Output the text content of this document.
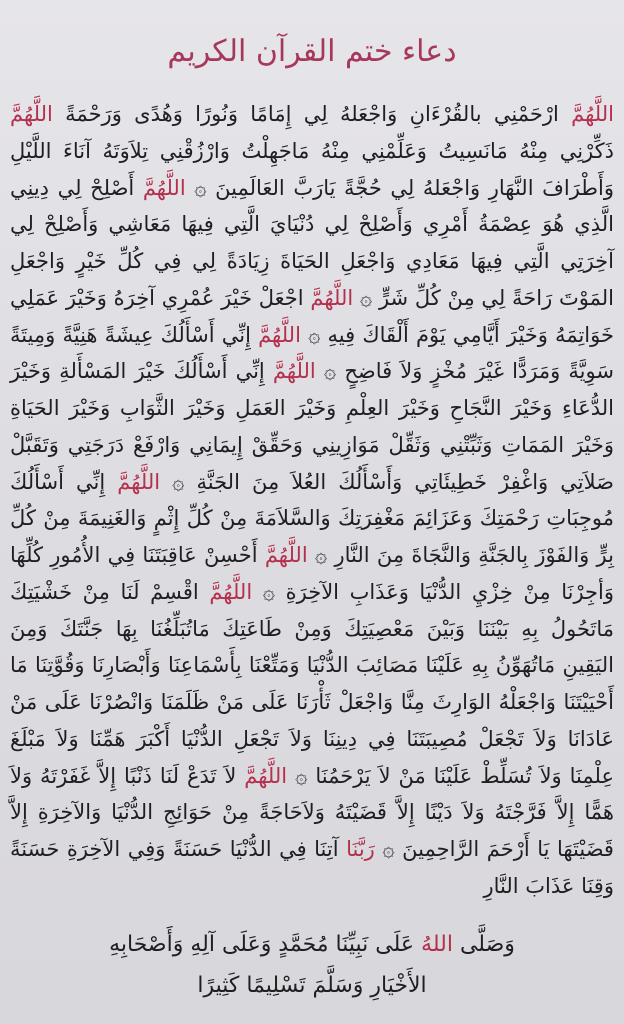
دعاء ختم القرآن الكريم
اللَّهُمَّ ارْحَمْنِي بالقُرْءَانِ وَاجْعَلهُ لِي إِمَامًا وَنُورًا وَهُدًى وَرَحْمَةً اللَّهُمَّ ذَكِّرْنِي مِنْهُ مَانَسِيتُ وَعَلِّمْنِي مِنْهُ مَاجَهِلْتُ وَارْزُقْنِي تِلاَوَتَهُ آنَاءَ اللَّيْلِ وَأَطْرَافَ النَّهَارِ وَاجْعَلهُ لِي حُجَّةً يَارَبَّ العَالَمِينَ ۞ اللَّهُمَّ أَصْلِحْ لِي دِينِي الَّذِي هُوَ عِصْمَةُ أَمْرِي وَأَصْلِحْ لِي دُنْيَايَ الَّتِي فِيهَا مَعَاشِي وَأَصْلِحْ لِي آخِرَتِي الَّتِي فِيهَا مَعَادِي وَاجْعَلِ الحَيَاةَ زِيَادَةً لِي فِي كُلِّ خَيْرٍ وَاجْعَلِ المَوْتَ رَاحَةً لِي مِنْ كُلِّ شَرٍّ ۞ اللَّهُمَّ اجْعَلْ خَيْرَ عُمْرِي آخِرَهُ وَخَيْرَ عَمَلِي خَوَاتِمَهُ وَخَيْرَ أَيَّامِي يَوْمَ أَلْقَاكَ فِيهِ ۞ اللَّهُمَّ إِنِّي أَسْأَلُكَ عِيشَةً هَنِيَّةً وَمِيتَةً سَوِيَّةً وَمَرَدًّا غَيْرَ مُخْزٍ وَلاَ فَاضِحٍ ۞ اللَّهُمَّ إِنِّي أَسْأَلُكَ خَيْرَ المَسْأَلةِ وَخَيْرَ الدُّعَاءِ وَخَيْرَ النَّجَاحِ وَخَيْرَ العِلْمِ وَخَيْرَ العَمَلِ وَخَيْرَ الثَّوَابِ وَخَيْرَ الحَيَاةِ وَخَيْرَ المَمَاتِ وَثَبِّتْنِي وَثَقِّلْ مَوَازِينِي وَحَقِّقْ إِيمَانِي وَارْفَعْ دَرَجَتِي وَتَقَبَّلْ صَلاَتِي وَاغْفِرْ خَطِيئَاتِي وَأَسْأَلُكَ العُلاَ مِنَ الجَنَّةِ ۞ اللَّهُمَّ إِنِّي أَسْأَلُكَ مُوجِبَاتِ رَحْمَتِكَ وَعَزَائِمَ مَغْفِرَتِكَ وَالسَّلاَمَةَ مِنْ كُلِّ إِثْمٍ وَالغَنِيمَةَ مِنْ كُلِّ بِرٍّ وَالفَوْزَ بِالجَنَّةِ وَالنَّجَاةَ مِنَ النَّارِ ۞ اللَّهُمَّ أَحْسِنْ عَاقِبَتَنَا فِي الأُمُورِ كُلِّهَا وَأجِرْنَا مِنْ خِزْيِ الدُّنْيَا وَعَذَابِ الآخِرَةِ ۞ اللَّهُمَّ اقْسِمْ لَنَا مِنْ خَشْيَتِكَ مَاتَحُولُ بِهِ بَيْنَنَا وَبَيْنَ مَعْصِيَتِكَ وَمِنْ طَاعَتِكَ مَاتُبَلِّغُنَا بِهَا جَنَّتَكَ وَمِنَ اليَقِينِ مَاتُهَوِّنُ بِهِ عَلَيْنَا مَصَائِبَ الدُّنْيَا وَمَتِّعْنَا بِأَسْمَاعِنَا وَأَبْصَارِنَا وَقُوَّتِنَا مَا أَحْيَيْتَنَا وَاجْعَلْهُ الوَارِثَ مِنَّا وَاجْعَلْ ثَأْرَنَا عَلَى مَنْ ظَلَمَنَا وَانْصُرْنَا عَلَى مَنْ عَادَانَا وَلاَ تَجْعَلْ مُصِيبَتَنَا فِي دِينِنَا وَلاَ تَجْعَلِ الدُّنْيَا أَكْبَرَ هَمِّنَا وَلاَ مَبْلَغَ عِلْمِنَا وَلاَ تُسَلِّطْ عَلَيْنَا مَنْ لاَ يَرْحَمُنَا ۞ اللَّهُمَّ لاَ تَدَعْ لَنَا ذَنْبًا إِلاَّ غَفَرْتَهُ وَلاَ هَمًّا إِلاَّ فَرَّجْتَهُ وَلاَ دَيْنًا إِلاَّ قَضَيْتَهُ وَلاَحَاجَةً مِنْ حَوَائِجِ الدُّنْيَا وَالآخِرَةِ إِلاَّ قَضَيْتَهَا يَا أَرْحَمَ الرَّاحِمِينَ ۞ رَبَّنَا آتِنَا فِي الدُّنْيَا حَسَنَةً وَفِي الآخِرَةِ حَسَنَةً وَقِنَا عَذَابَ النَّارِ
وَصَلَّى اللهُ عَلَى نَبِيِّنَا مُحَمَّدٍ وَعَلَى آلِهِ وَأَصْحَابِهِ
الأَخْيَارِ وَسَلَّمَ تَسْلِيمًا كَثِيرًا
